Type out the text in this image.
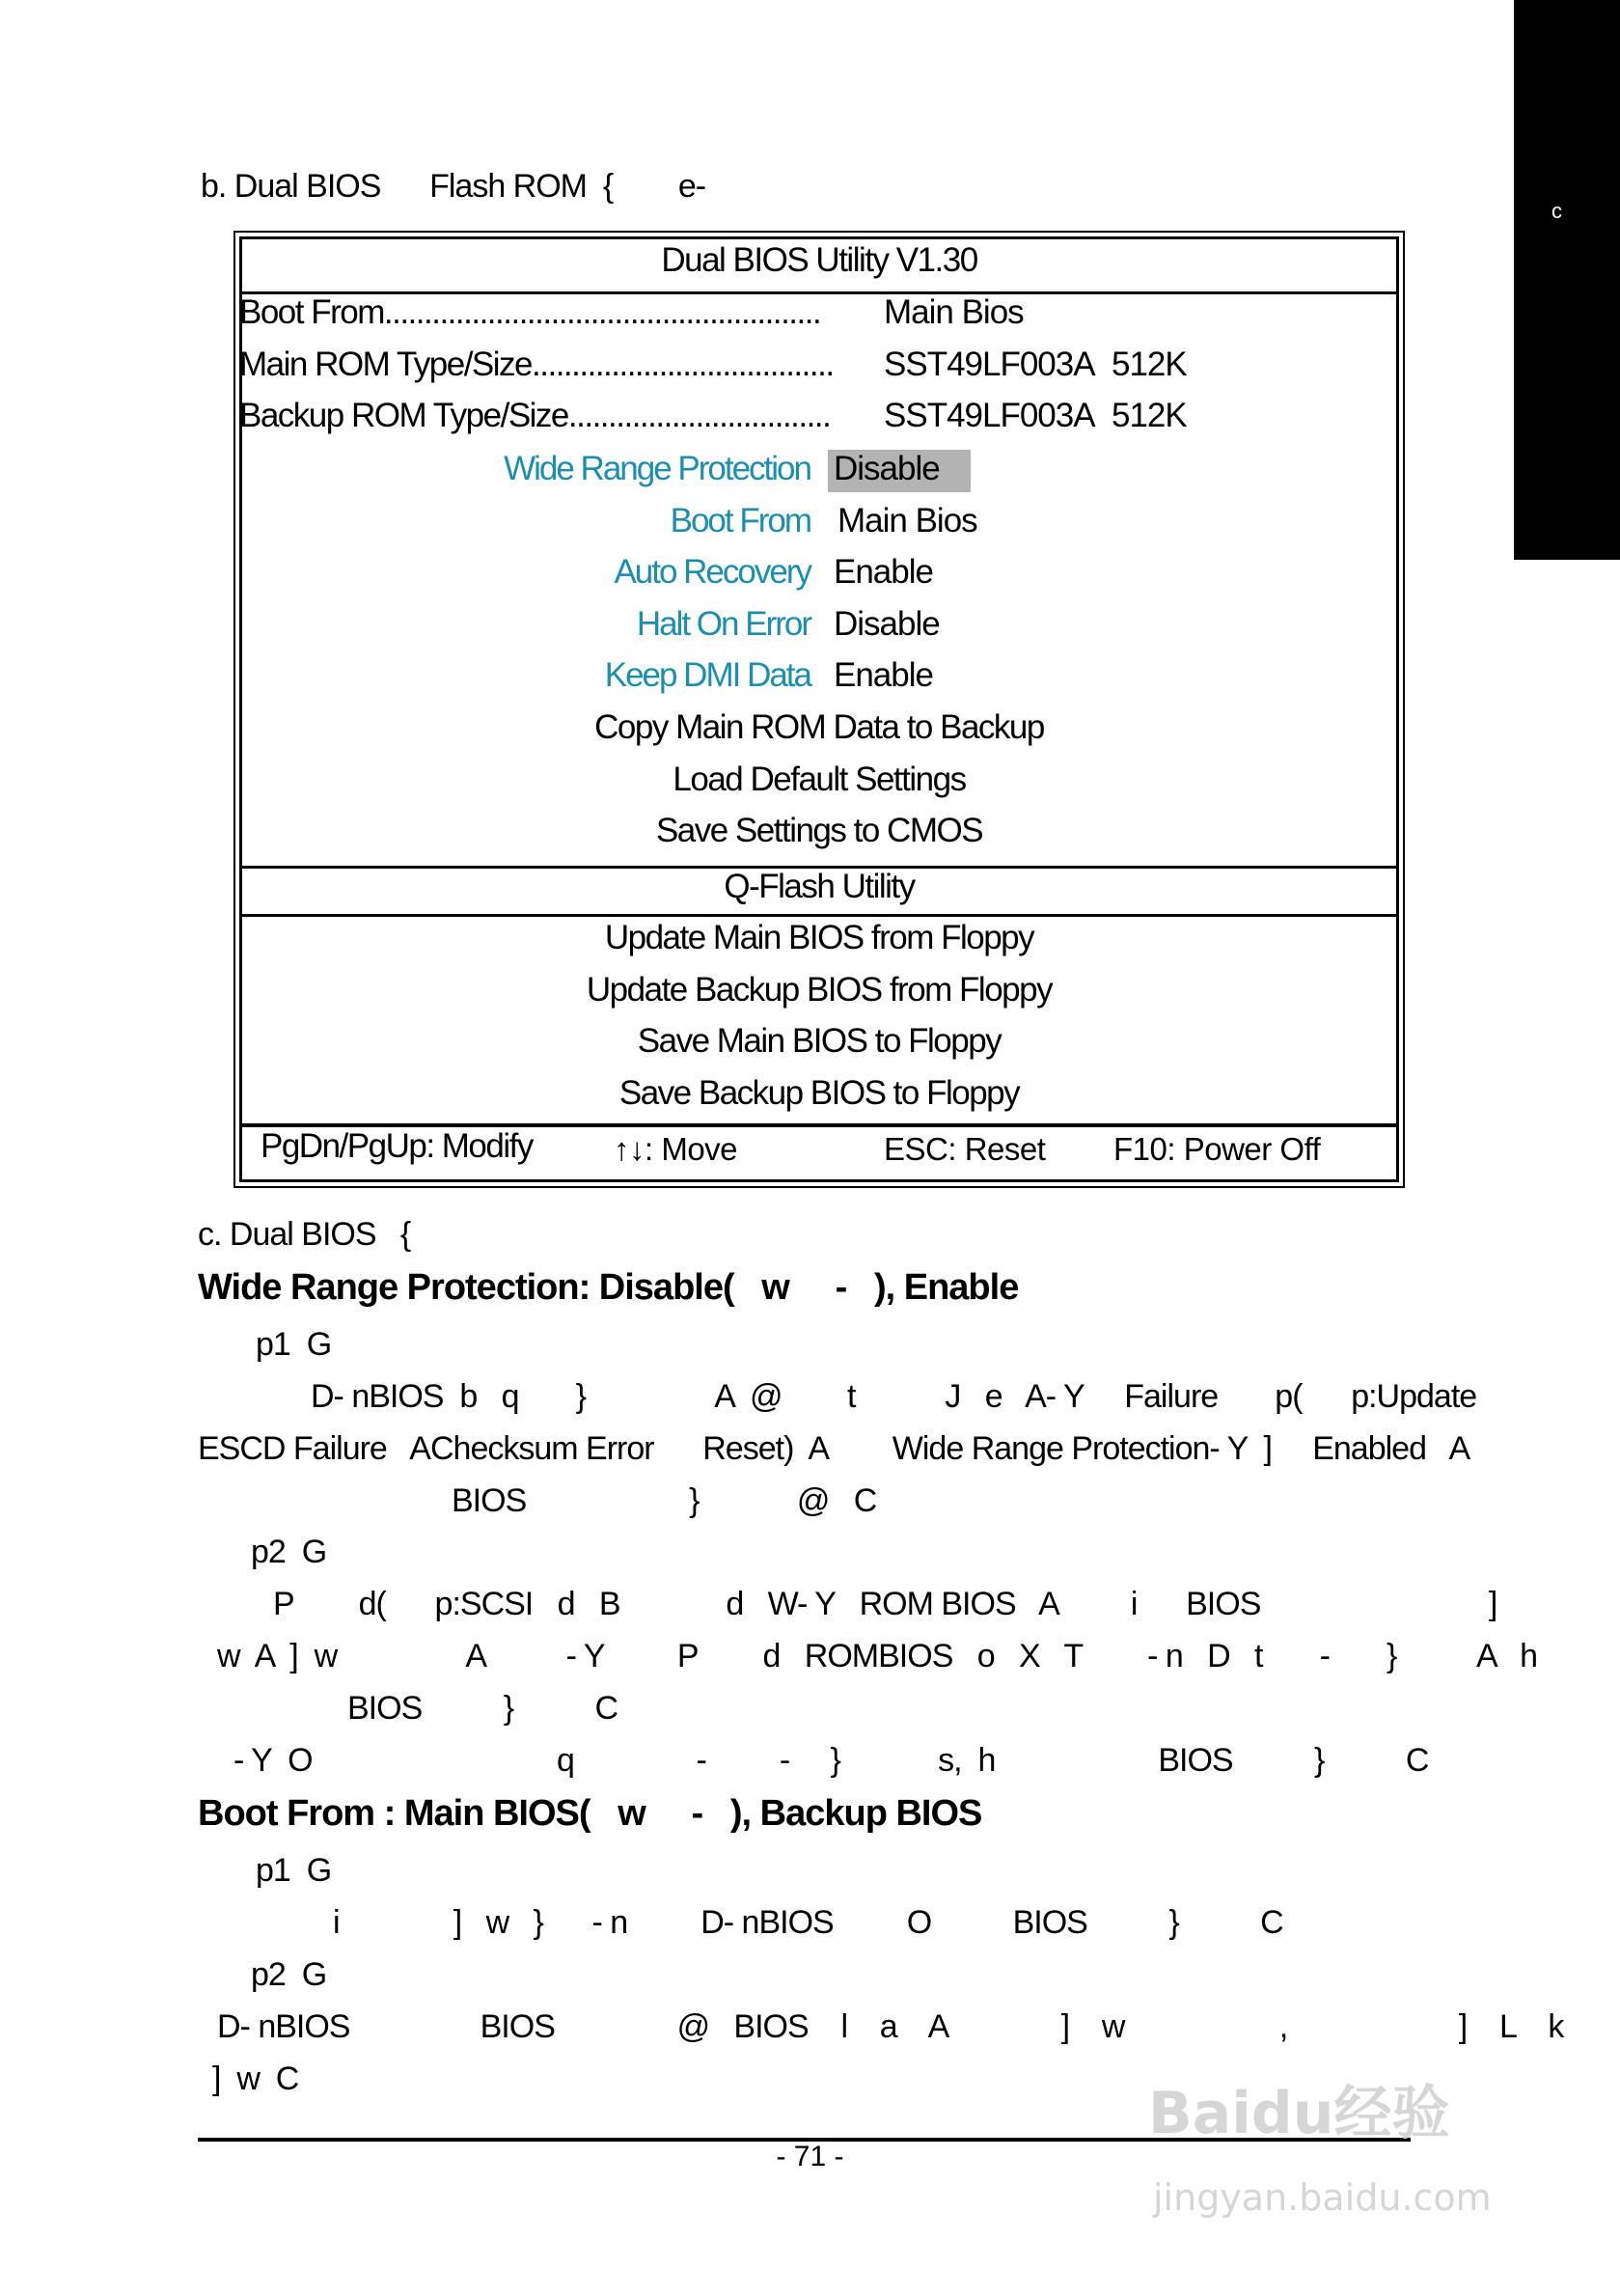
c
b. Dual BIOS      Flash ROM  {        e-
Dual BIOS Utility V1.30
Boot From....................................................... Main Bios
Main ROM Type/Size...................................... SST49LF003A 512K
Backup ROM Type/Size................................. SST49LF003A 512K
Wide Range Protection Disable
Boot From Main Bios
Auto Recovery Enable
Halt On Error Disable
Keep DMI Data Enable
Copy Main ROM Data to Backup
Load Default Settings
Save Settings to CMOS
Q-Flash Utility
Update Main BIOS from Floppy
Update Backup BIOS from Floppy
Save Main BIOS to Floppy
Save Backup BIOS to Floppy
PgDn/PgUp: Modify	↑↓: Move	ESC: Reset F10: Power Off
c. Dual BIOS   {
Wide Range Protection: Disable(   w     -   ), Enable
p1  G
D- nBIOS  b   q       }                A  @        t           J   e   A- Y     Failure       p(      p:Update
ESCD Failure   AChecksum Error      Reset)  A        Wide Range Protection- Y  ]     Enabled   A
BIOS                    }            @   C
p2  G
P        d(      p:SCSI   d   B             d   W- Y   ROM BIOS   A         i      BIOS                            ]
w  A  ]  w                A          - Y         P        d   ROMBIOS   o   X   T        - n   D   t       -       }          A   h
BIOS          }          C
- Y  O                              q               -         -     }            s,  h                    BIOS          }          C
Boot From : Main BIOS(   w     -   ), Backup BIOS
p1  G
i              ]   w   }      - n         D- nBIOS         O          BIOS          }          C
p2  G
D- nBIOS                BIOS               @   BIOS    l    a    A              ]    w                   ,                     ]    L    k
]  w  C
- 71 -
Baidu经验
jingyan.baidu.com
